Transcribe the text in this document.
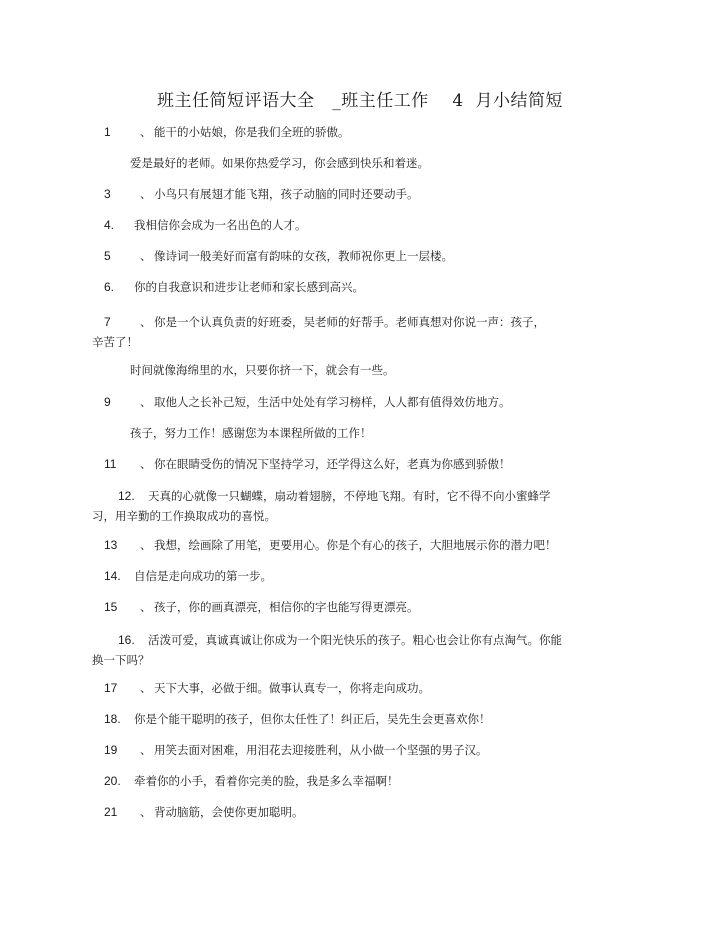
班主任简短评语大全   _班主任工作    4  月小结简短
1	、 能干的小姑娘，你是我们全班的骄傲。
爱是最好的老师。如果你热爱学习，你会感到快乐和着迷。
3	、 小鸟只有展翅才能飞翔，孩子动脑的同时还要动手。
4. 我相信你会成为一名出色的人才。
5	、 像诗词一般美好而富有韵味的女孩，教师祝你更上一层楼。
6. 你的自我意识和进步让老师和家长感到高兴。
7	、 你是一个认真负责的好班委，吴老师的好帮手。老师真想对你说一声：孩子，辛苦了！
时间就像海绵里的水，只要你挤一下，就会有一些。
9	、 取他人之长补己短，生活中处处有学习榜样，人人都有值得效仿地方。
孩子，努力工作！感谢您为本课程所做的工作！
11 、 你在眼睛受伤的情况下坚持学习，还学得这么好，老真为你感到骄傲！
12. 天真的心就像一只蝴蝶，扇动着翅膀，不停地飞翔。有时，它不得不向小蜜蜂学习，用辛勤的工作换取成功的喜悦。
13 、 我想，绘画除了用笔，更要用心。你是个有心的孩子，大胆地展示你的潜力吧！
14. 自信是走向成功的第一步。
15 、 孩子，你的画真漂亮，相信你的字也能写得更漂亮。
16. 活泼可爱，真诚真诚让你成为一个阳光快乐的孩子。粗心也会让你有点淘气。你能换一下吗？
17 、 天下大事，必做于细。做事认真专一，你将走向成功。
18. 你是个能干聪明的孩子，但你太任性了！纠正后，吴先生会更喜欢你！
19 、 用笑去面对困难，用泪花去迎接胜利，从小做一个坚强的男子汉。
20. 牵着你的小手，看着你完美的脸，我是多么幸福啊！
21 、 背动脑筋，会使你更加聪明。
